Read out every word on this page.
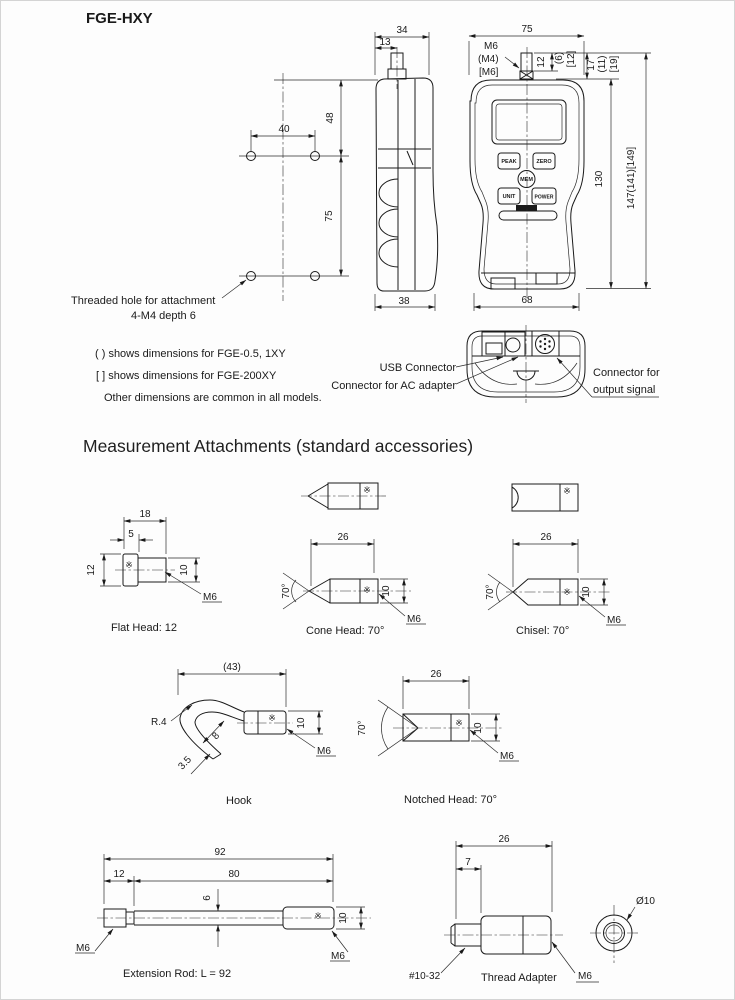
FGE-HXY
40
48
75
34
13
38
75
M6
(M4)
[M6]
12 (6) [12] 17 (11) [19]
130 147(141)[149]
PEAK	ZERO
MEM
UNIT	POWER
68
Threaded hole for attachment
4-M4 depth 6
( ) shows dimensions for FGE-0.5, 1XY
[ ] shows dimensions for FGE-200XY
Other dimensions are common in all models.
USB Connector
Connector for AC adapter
Connector for
output signal
Measurement Attachments (standard accessories)
18
5
※
12	10
M6
Flat Head: 12
※
26
※
70°	10
M6
Cone Head: 70°
※
26
※
70°	10
M6
Chisel: 70°
(43)
※
R.4
8
3.5
10
M6
Hook
26
※
70°	10
M6
Notched Head: 70°
92
12	80
6
※ 10
M6
M6
Extension Rod: L = 92
26
7
#10-32	Thread Adapter M6
Ø10
